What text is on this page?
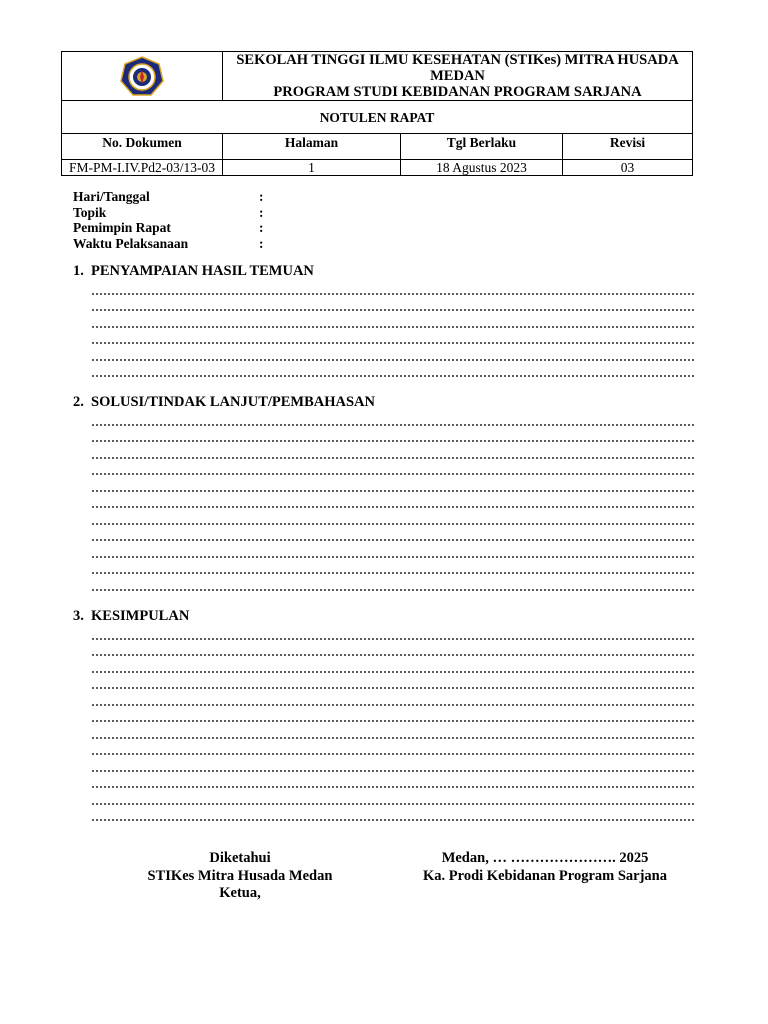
·····	SEKOLAH TINGGI ILMU KESEHATAN (STIKes) MITRA HUSADA MEDAN
PROGRAM STUDI KEBIDANAN PROGRAM SARJANA		

NOTULEN RAPAT			
No. Dokumen	Halaman	Tgl Berlaku	Revisi
FM-PM-I.IV.Pd2-03/13-03	1	18 Agustus 2023	03
Hari/Tanggal	:
Topik	:
Pemimpin Rapat	:
Waktu Pelaksanaan	:
1. PENYAMPAIAN HASIL TEMUAN
2. SOLUSI/TINDAK LANJUT/PEMBAHASAN
3. KESIMPULAN
Diketahui
STIKes Mitra Husada Medan
Ketua,
Medan, … …………………. 2025
Ka. Prodi Kebidanan Program Sarjana
